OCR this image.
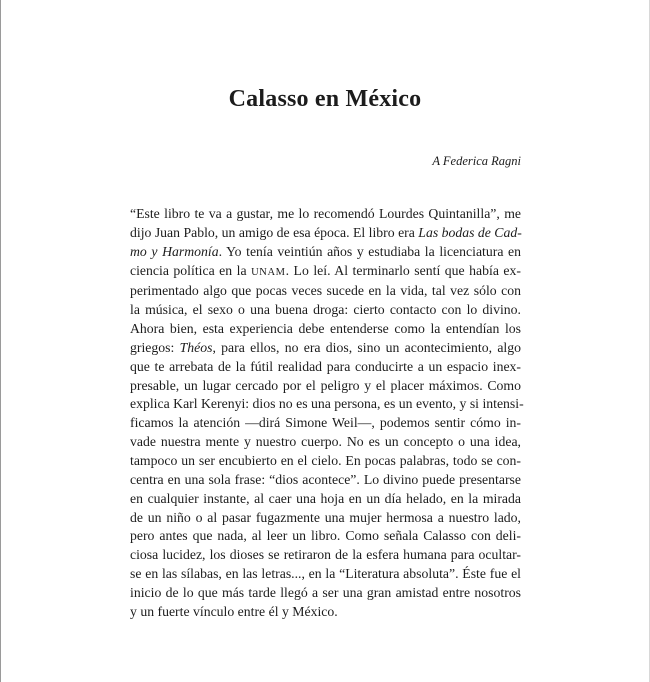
Calasso en México
A Federica Ragni
“Este libro te va a gustar, me lo recomendó Lourdes Quintanilla”, me
dijo Juan Pablo, un amigo de esa época. El libro era Las bodas de Cad-
mo y Harmonía. Yo tenía veintiún años y estudiaba la licenciatura en
ciencia política en la UNAM. Lo leí. Al terminarlo sentí que había ex-
perimentado algo que pocas veces sucede en la vida, tal vez sólo con
la música, el sexo o una buena droga: cierto contacto con lo divino.
Ahora bien, esta experiencia debe entenderse como la entendían los
griegos: Théos, para ellos, no era dios, sino un acontecimiento, algo
que te arrebata de la fútil realidad para conducirte a un espacio inex-
presable, un lugar cercado por el peligro y el placer máximos. Como
explica Karl Kerenyi: dios no es una persona, es un evento, y si intensi-
ficamos la atención —dirá Simone Weil—, podemos sentir cómo in-
vade nuestra mente y nuestro cuerpo. No es un concepto o una idea,
tampoco un ser encubierto en el cielo. En pocas palabras, todo se con-
centra en una sola frase: “dios acontece”. Lo divino puede presentarse
en cualquier instante, al caer una hoja en un día helado, en la mirada
de un niño o al pasar fugazmente una mujer hermosa a nuestro lado,
pero antes que nada, al leer un libro. Como señala Calasso con deli-
ciosa lucidez, los dioses se retiraron de la esfera humana para ocultar-
se en las sílabas, en las letras..., en la “Literatura absoluta”. Éste fue el
inicio de lo que más tarde llegó a ser una gran amistad entre nosotros
y un fuerte vínculo entre él y México.
